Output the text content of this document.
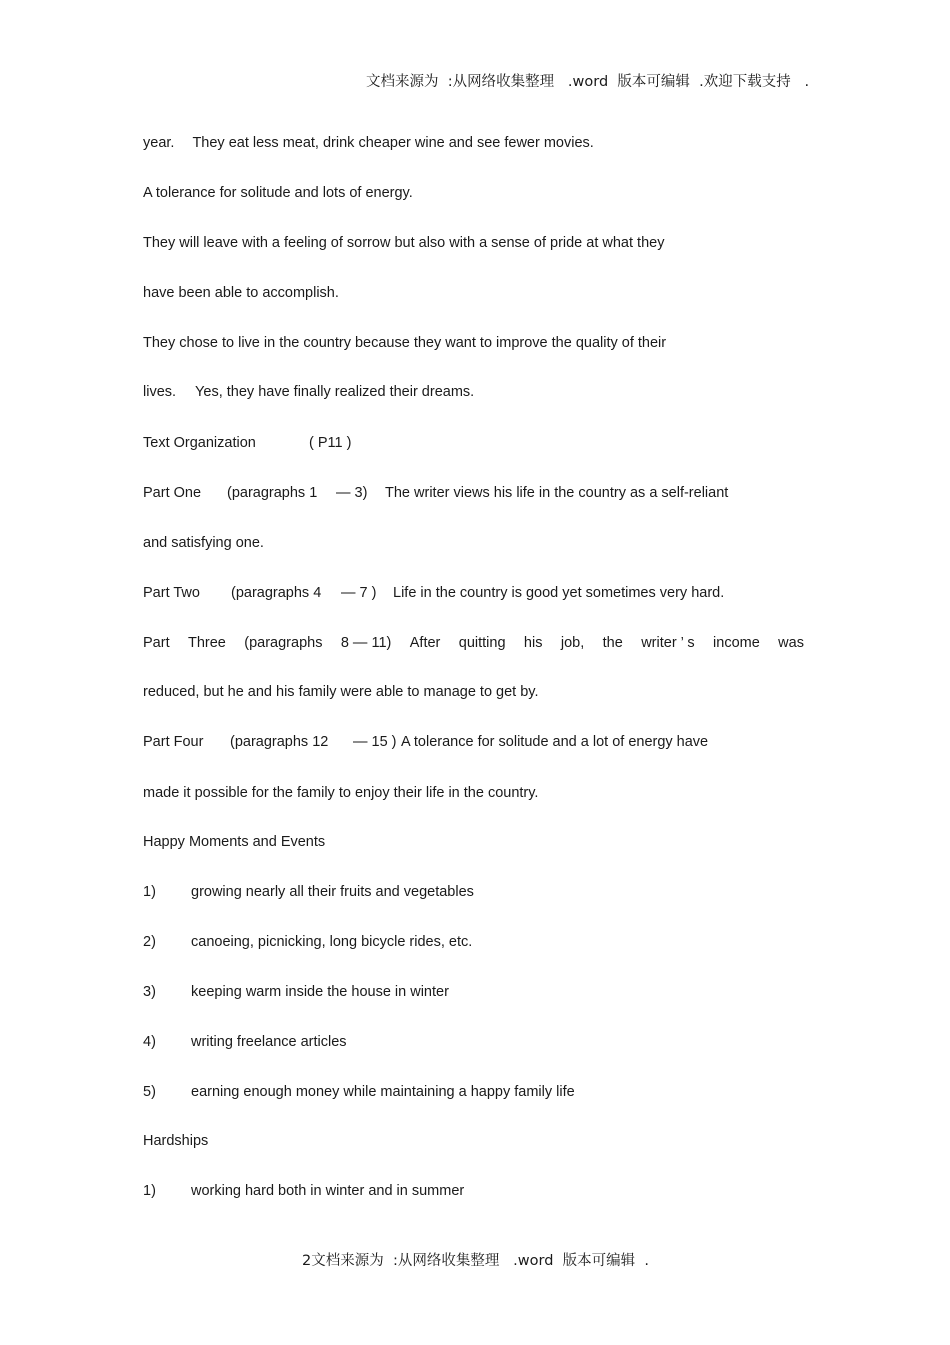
文档来源为  :从网络收集整理   .word  版本可编辑  .欢迎下载支持   .
year. They eat less meat, drink cheaper wine and see fewer movies.
A tolerance for solitude and lots of energy.
They will leave with a feeling of sorrow but also with a sense of pride at what they
have been able to accomplish.
They chose to live in the country because they want to improve the quality of their
lives. Yes, they have finally realized their dreams.
Text Organization	( P11 )
Part One (paragraphs 1 — 3) The writer views his life in the country as a self-reliant
and satisfying one.
Part Two (paragraphs 4 — 7 ) Life in the country is good yet sometimes very hard.
Part Three (paragraphs 8 — 11) After quitting his job, the writer ’ s income was
reduced, but he and his family were able to manage to get by.
Part Four (paragraphs 12 — 15 ) A tolerance for solitude and a lot of energy have
made it possible for the family to enjoy their life in the country.
Happy Moments and Events
1) growing nearly all their fruits and vegetables
2) canoeing, picnicking, long bicycle rides, etc.
3) keeping warm inside the house in winter
4) writing freelance articles
5) earning enough money while maintaining a happy family life
Hardships
1) working hard both in winter and in summer
2文档来源为  :从网络收集整理   .word  版本可编辑  .
